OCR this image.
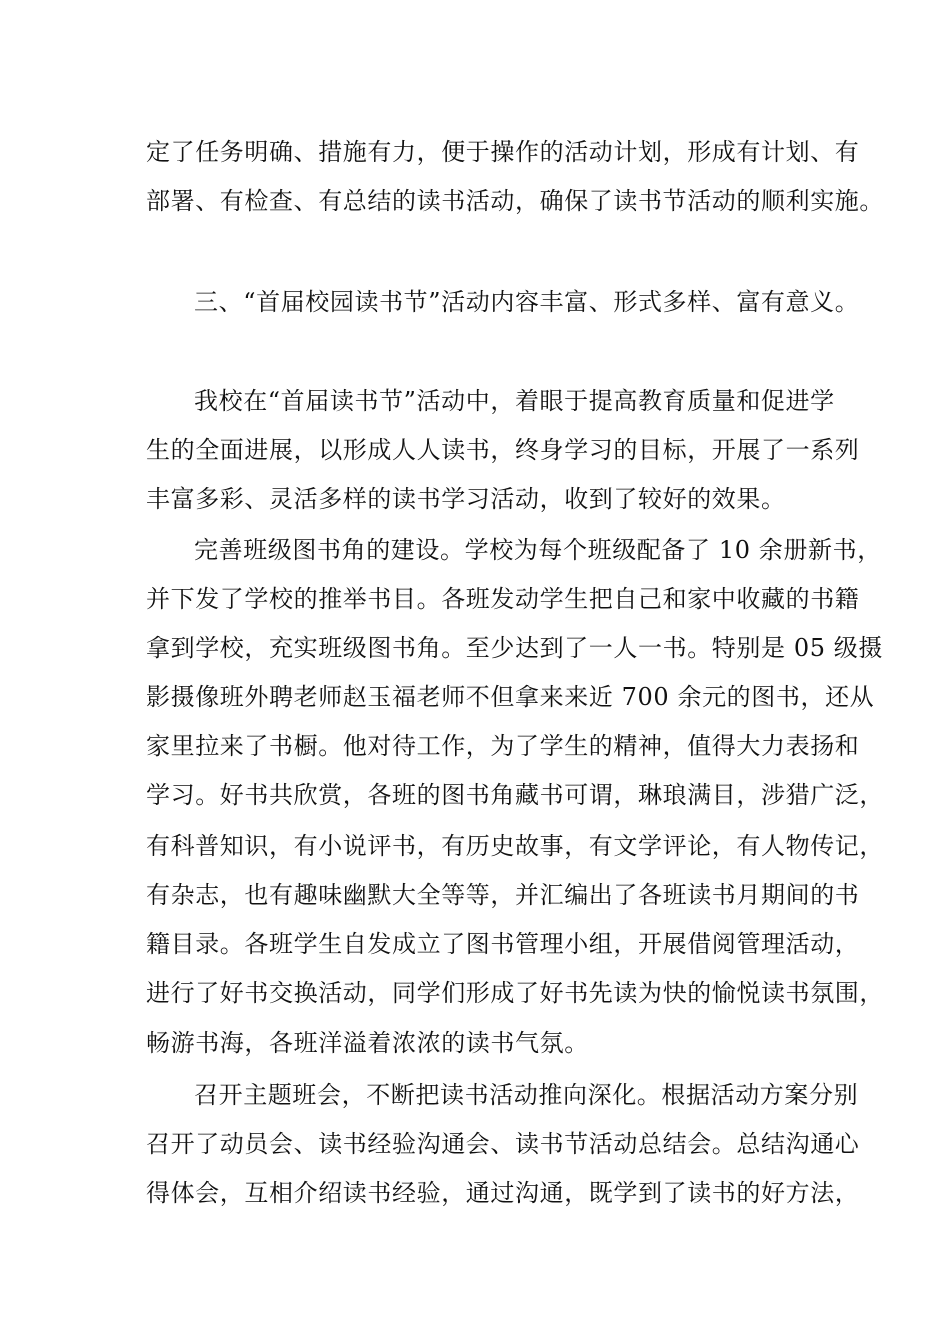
定了任务明确、措施有力，便于操作的活动计划，形成有计划、有
部署、有检查、有总结的读书活动，确保了读书节活动的顺利实施。
三、“首届校园读书节”活动内容丰富、形式多样、富有意义。
我校在“首届读书节”活动中，着眼于提高教育质量和促进学
生的全面进展，以形成人人读书，终身学习的目标，开展了一系列
丰富多彩、灵活多样的读书学习活动，收到了较好的效果。
完善班级图书角的建设。学校为每个班级配备了 10 余册新书，
并下发了学校的推举书目。各班发动学生把自己和家中收藏的书籍
拿到学校，充实班级图书角。至少达到了一人一书。特别是 05 级摄
影摄像班外聘老师赵玉福老师不但拿来来近 700 余元的图书，还从
家里拉来了书橱。他对待工作，为了学生的精神，值得大力表扬和
学习。好书共欣赏，各班的图书角藏书可谓，琳琅满目，涉猎广泛，
有科普知识，有小说评书，有历史故事，有文学评论，有人物传记，
有杂志，也有趣味幽默大全等等，并汇编出了各班读书月期间的书
籍目录。各班学生自发成立了图书管理小组，开展借阅管理活动，
进行了好书交换活动，同学们形成了好书先读为快的愉悦读书氛围，
畅游书海，各班洋溢着浓浓的读书气氛。
召开主题班会，不断把读书活动推向深化。根据活动方案分别
召开了动员会、读书经验沟通会、读书节活动总结会。总结沟通心
得体会，互相介绍读书经验，通过沟通，既学到了读书的好方法，
